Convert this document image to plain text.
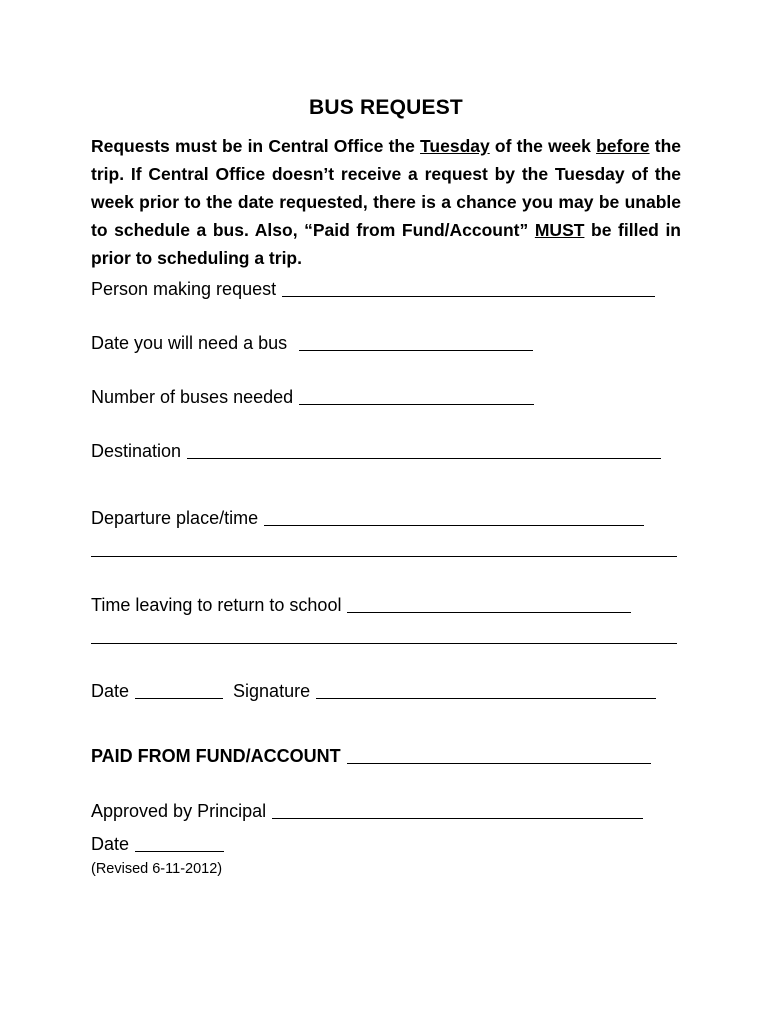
BUS REQUEST
Requests must be in Central Office the Tuesday of the week before the trip. If Central Office doesn’t receive a request by the Tuesday of the week prior to the date requested, there is a chance you may be unable to schedule a bus. Also, “Paid from Fund/Account” MUST be filled in prior to scheduling a trip.
Person making request
Date you will need a bus
Number of buses needed
Destination
Departure place/time
Time leaving to return to school
Date	Signature
PAID FROM FUND/ACCOUNT
Approved by Principal
Date
(Revised 6-11-2012)
